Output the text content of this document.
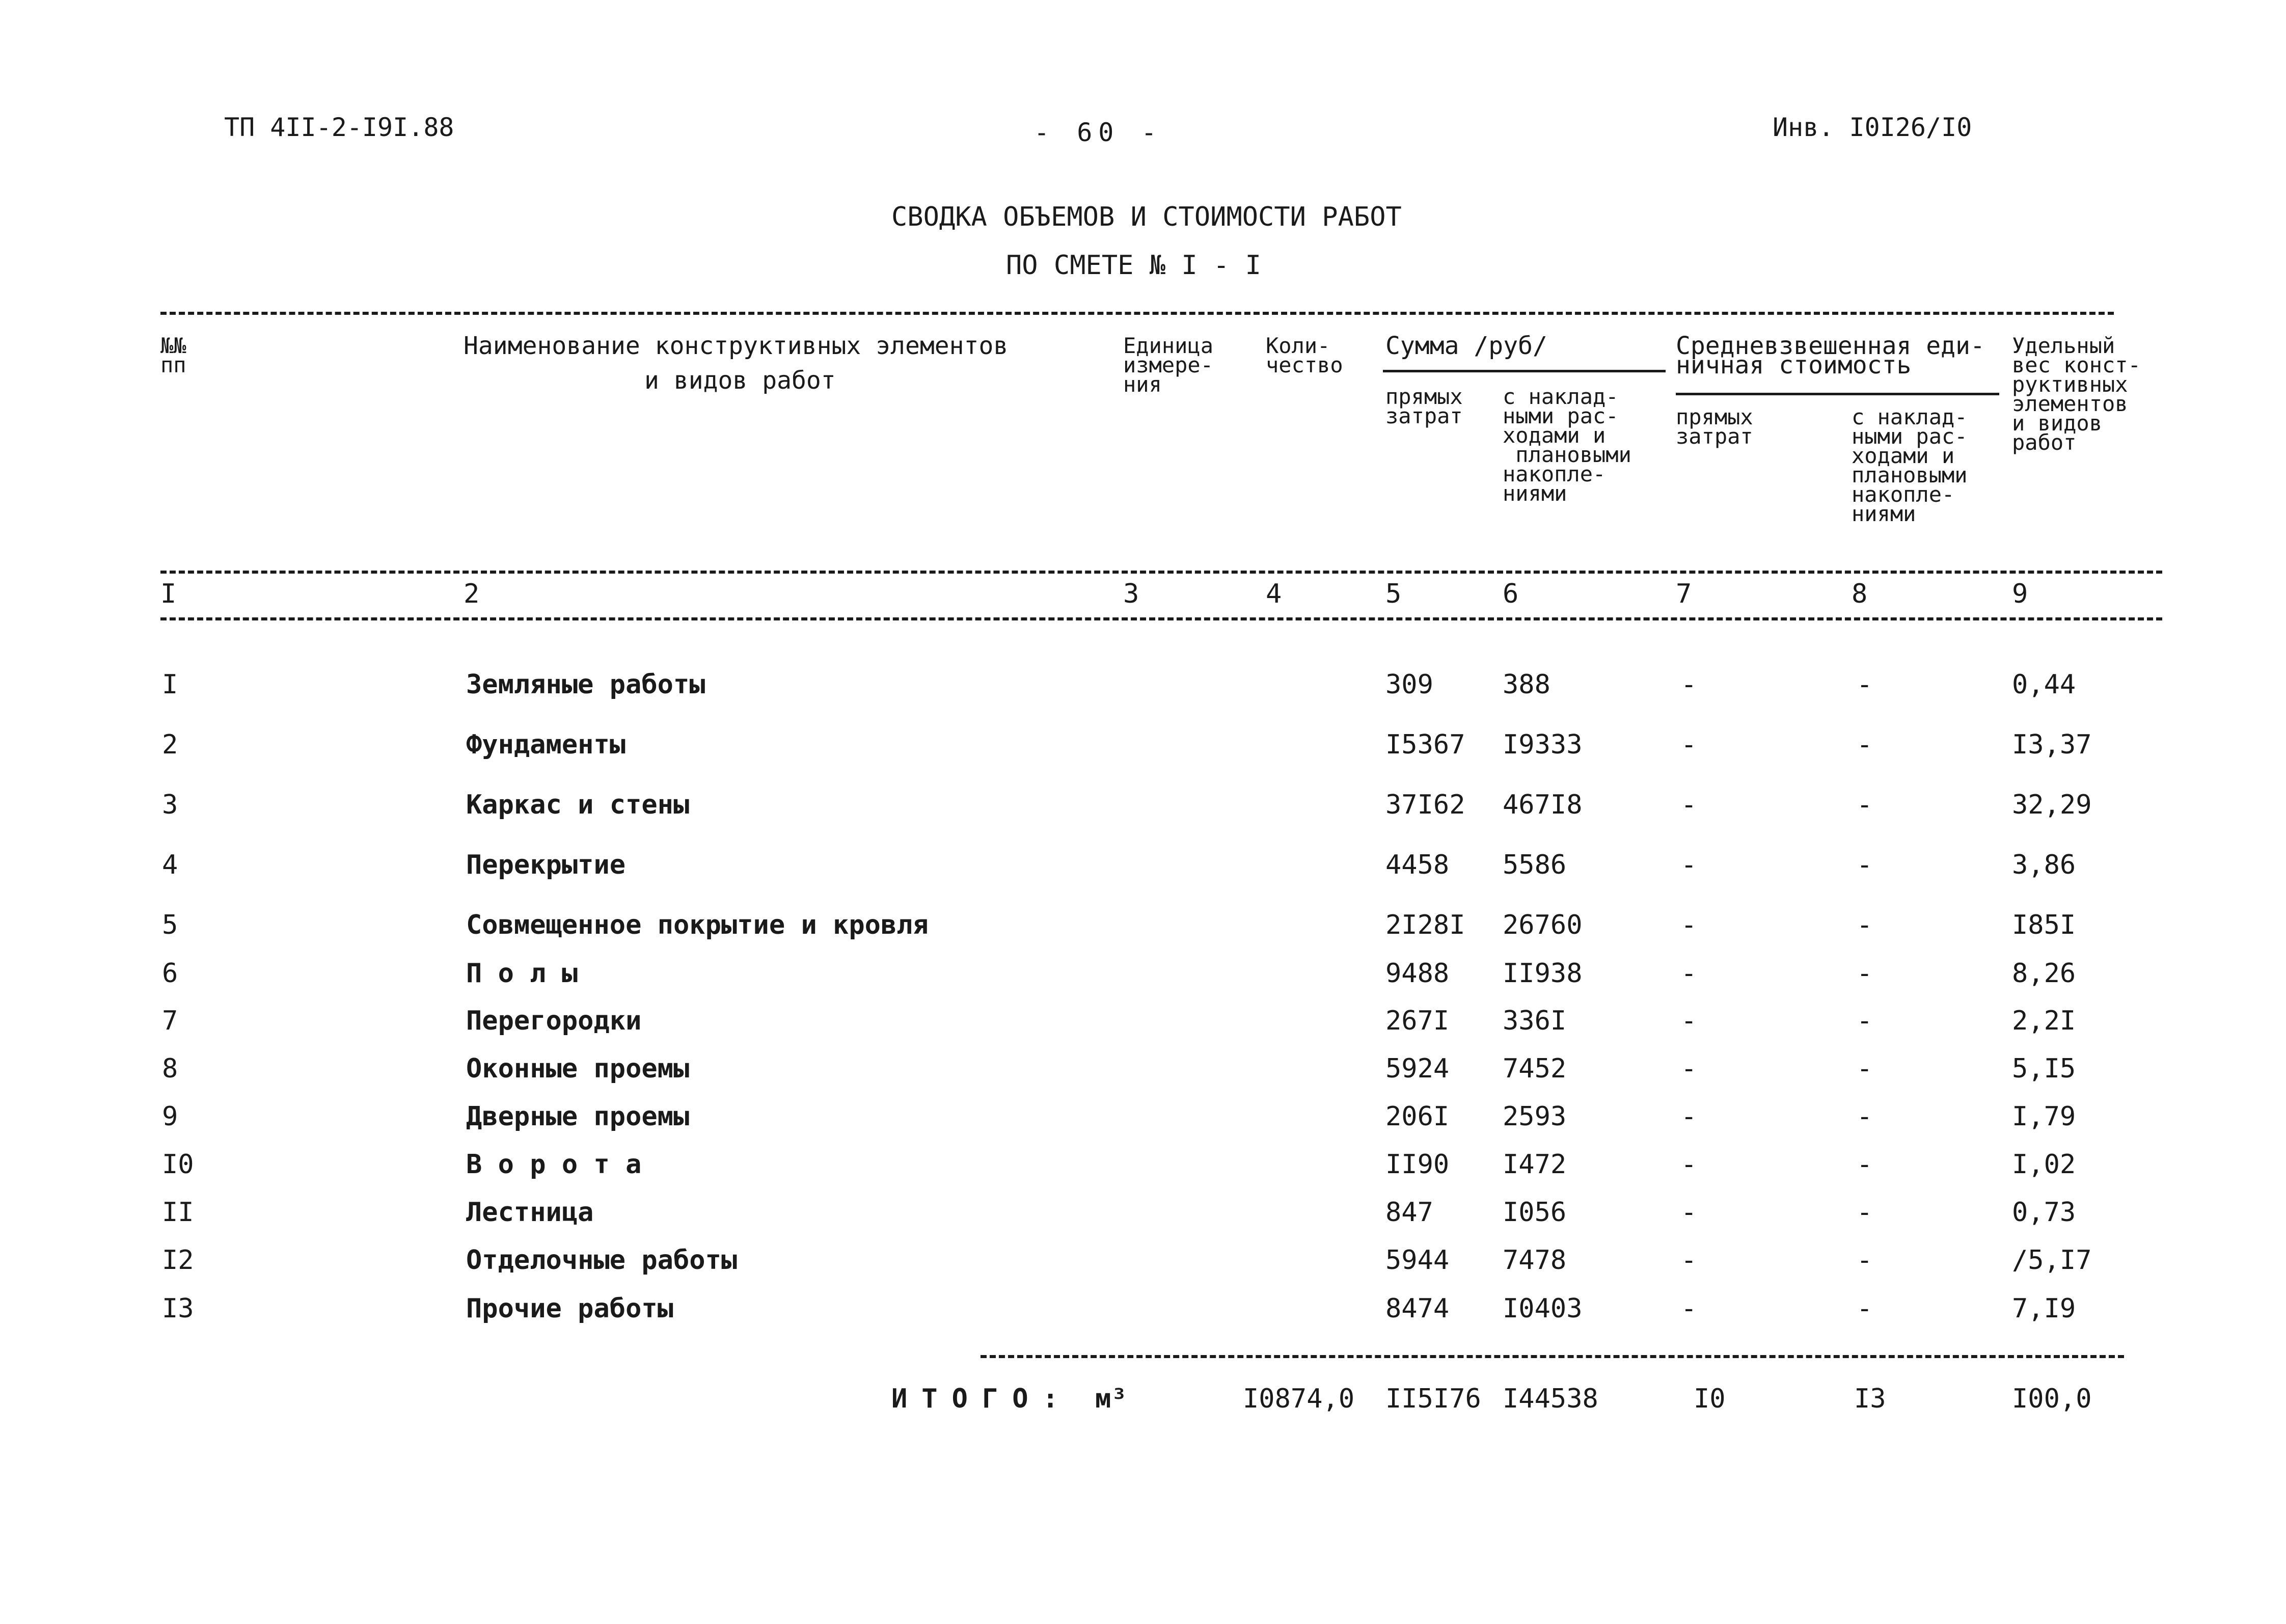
ТП 4II-2-I9I.88	- 60 -	Инв. I0I26/I0
СВОДКА ОБЪЕМОВ И СТОИМОСТИ РАБОТ
ПО СМЕТЕ № I - I
№№
пп
Наименование конструктивных элементов
и видов работ
Единица
измере-
ния
Коли-
чество
Сумма /руб/
прямых
затрат
с наклад-
ными рас-
ходами и
плановыми
накопле-
ниями
Средневзвешенная еди-
ничная стоимость
прямых
затрат
с наклад-
ными рас-
ходами и
плановыми
накопле-
ниями
Удельный
вес конст-
руктивных
элементов
и видов
работ
I	2	3	4	5	6	7	8	9
I	Земляные работы	309	388	-	-	0,44
2	Фундаменты	I5367 I9333	-	-	I3,37
3	Каркас и стены	37I62 467I8	-	-	32,29
4	Перекрытие	4458 5586	-	-	3,86
5	Совмещенное покрытие и кровля	2I28I 26760	-	-	I85I
6	П о л ы	9488 II938	-	-	8,26
7	Перегородки	267I 336I	-	-	2,2I
8	Оконные проемы	5924 7452	-	-	5,I5
9	Дверные проемы	206I 2593	-	-	I,79
I0	В о р о т а	II90 I472	-	-	I,02
II	Лестница	847	I056	-	-	0,73
I2	Отделочные работы	5944 7478	-	-	/5,I7
I3	Прочие работы	8474 I0403	-	-	7,I9
ИТОГО: м³	I0874,0 II5I76 I44538	I0	I3	I00,0
